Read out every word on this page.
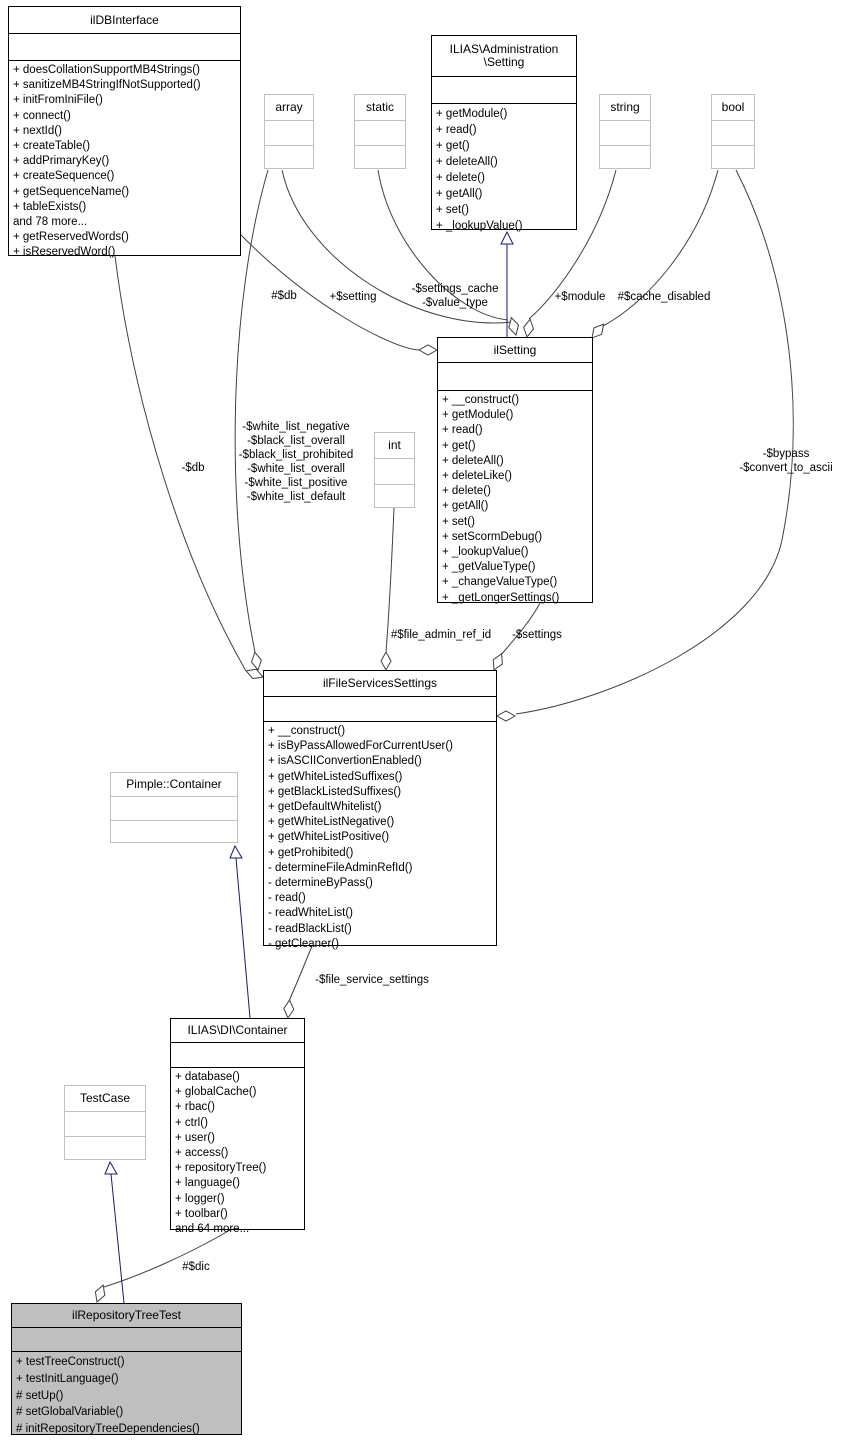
ilDBInterface
+ doesCollationSupportMB4Strings()
+ sanitizeMB4StringIfNotSupported()
+ initFromIniFile()
+ connect()
+ nextId()
+ createTable()
+ addPrimaryKey()
+ createSequence()
+ getSequenceName()
+ tableExists()
and 78 more...
+ getReservedWords()
+ isReservedWord()
array	static
ILIAS\Administration
\Setting
+ getModule()
+ read()
+ get()
+ deleteAll()
+ delete()
+ getAll()
+ set()
+ _lookupValue()
string	bool
ilSetting
+ __construct()
+ getModule()
+ read()
+ get()
+ deleteAll()
+ deleteLike()
+ delete()
+ getAll()
+ set()
+ setScormDebug()
+ _lookupValue()
+ _getValueType()
+ _changeValueType()
+ _getLongerSettings()
int
ilFileServicesSettings
+ __construct()
+ isByPassAllowedForCurrentUser()
+ isASCIIConvertionEnabled()
+ getWhiteListedSuffixes()
+ getBlackListedSuffixes()
+ getDefaultWhitelist()
+ getWhiteListNegative()
+ getWhiteListPositive()
+ getProhibited()
- determineFileAdminRefId()
- determineByPass()
- read()
- readWhiteList()
- readBlackList()
- getCleaner()
Pimple::Container
ILIAS\DI\Container
+ database()
+ globalCache()
+ rbac()
+ ctrl()
+ user()
+ access()
+ repositoryTree()
+ language()
+ logger()
+ toolbar()
and 64 more...
TestCase
ilRepositoryTreeTest
+ testTreeConstruct()
+ testInitLanguage()
# setUp()
# setGlobalVariable()
# initRepositoryTreeDependencies()
#$db	+$setting
-$settings_cache
-$value_type	+$module #$cache_disabled
-$db
-$white_list_negative
-$black_list_overall
-$black_list_prohibited
-$white_list_overall
-$white_list_positive
-$white_list_default
#$file_admin_ref_id -$settings
-$bypass
-$convert_to_ascii
-$file_service_settings
#$dic
